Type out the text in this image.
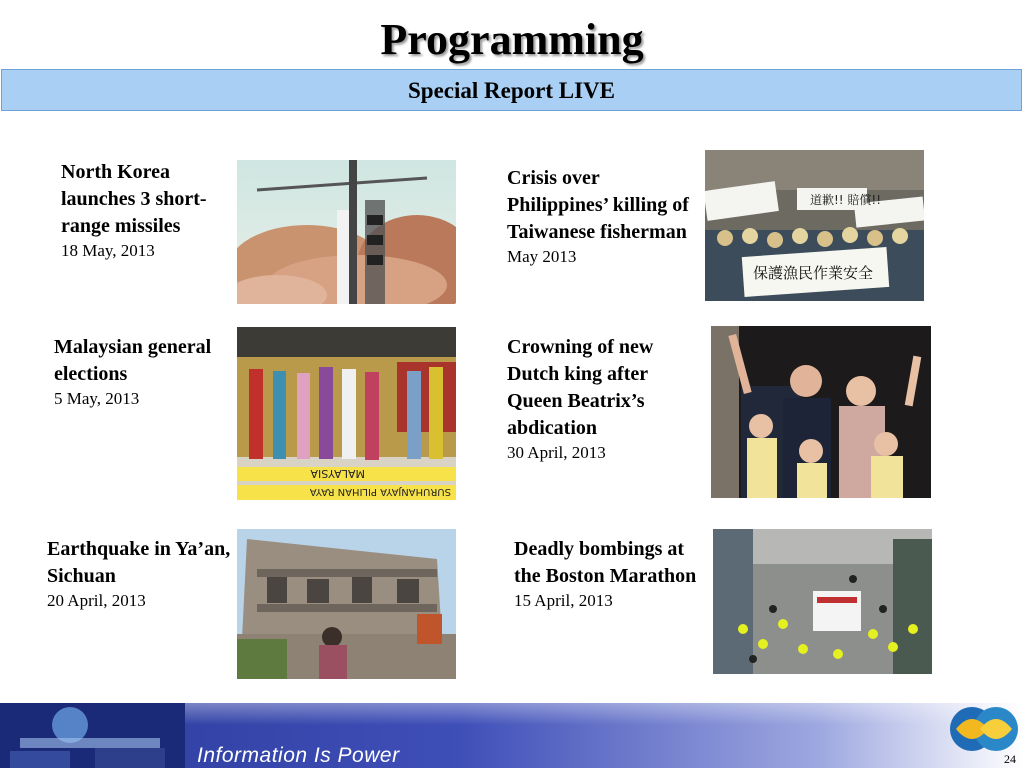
Programming
Special Report LIVE
North Korea launches 3 short-range missiles
18 May, 2013
Crisis over Philippines’ killing of Taiwanese fisherman
May 2013
道歉!! 賠償!!
保護漁民作業安全
Malaysian general elections
5 May, 2013
MALAYSIA
SURUHANJAYA PILIHAN RAYA
Crowning of new Dutch king after Queen Beatrix’s abdication
30 April, 2013
Earthquake in Ya’an, Sichuan
20 April, 2013
Deadly bombings at the Boston Marathon
15 April, 2013
Information Is Power	24
